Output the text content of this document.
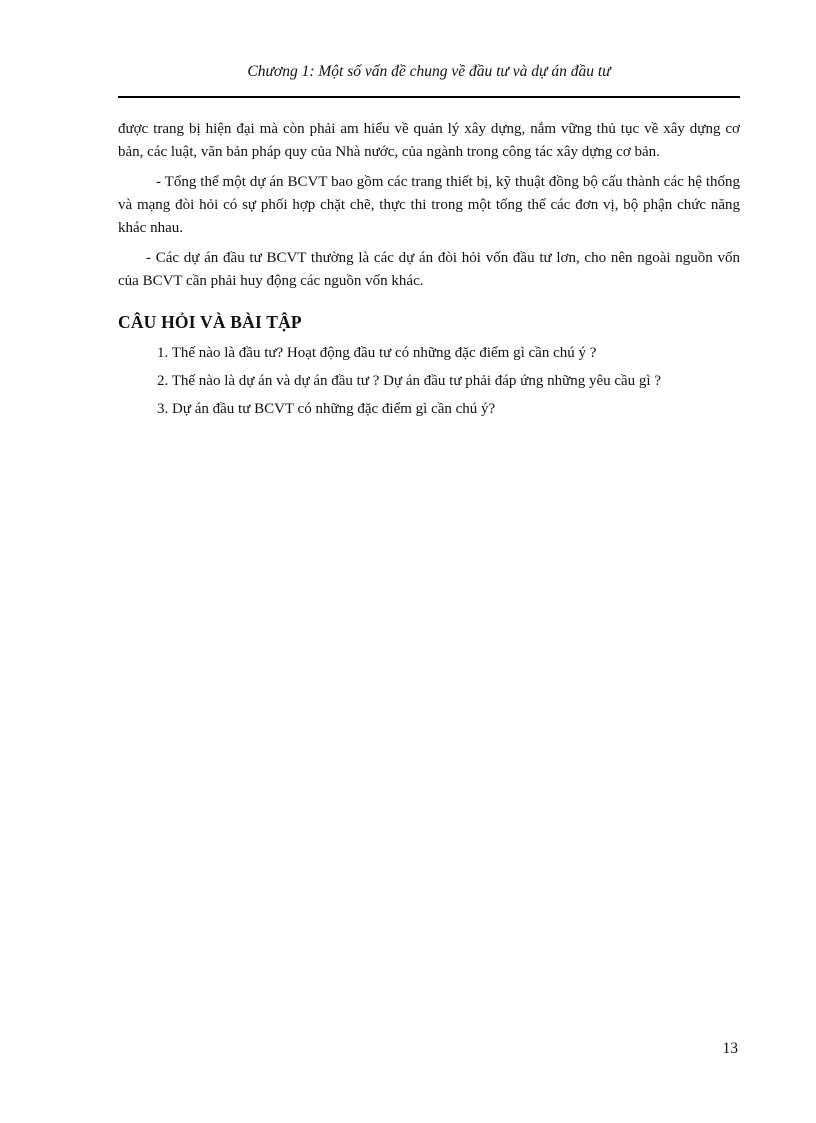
Chương 1: Một số vấn đề chung về đầu tư và dự án đầu tư

được trang bị hiện đại mà còn phải am hiểu về quản lý xây dựng, nắm vững thủ tục về xây dựng cơ bản, các luật, văn bản pháp quy của Nhà nước, của ngành trong công tác xây dựng cơ bản.

- Tổng thể một dự án BCVT bao gồm các trang thiết bị, kỹ thuật đồng bộ cấu thành các hệ thống và mạng đòi hỏi có sự phối hợp chặt chẽ, thực thi trong một tổng thể các đơn vị, bộ phận chức năng khác nhau.

- Các dự án đầu tư BCVT thường là các dự án đòi hỏi vốn đầu tư lơn, cho nên ngoài nguồn vốn của BCVT cần phải huy động các nguồn vốn khác.

CÂU HỎI VÀ BÀI TẬP
1. Thế nào là đầu tư? Hoạt động đầu tư có những đặc điểm gì cần chú ý ?
2. Thế nào là dự án và dự án đầu tư ? Dự án đầu tư phải đáp ứng những yêu cầu gì ?
3. Dự án đầu tư BCVT có những đặc điểm gì cần chú ý?
13
